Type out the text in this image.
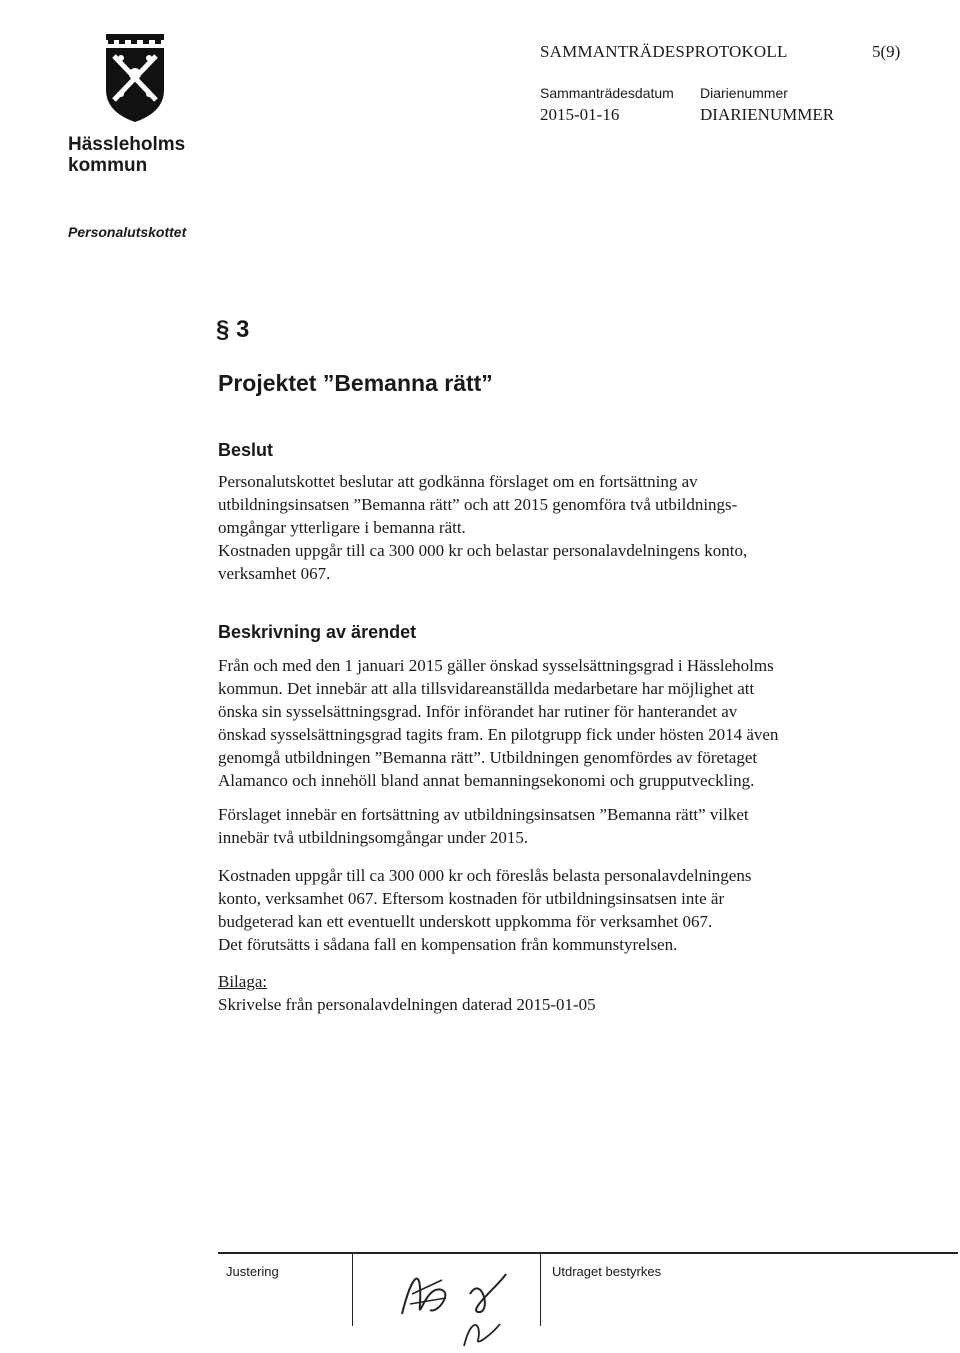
Hässleholms
kommun
SAMMANTRÄDESPROTOKOLL	5(9)
Sammanträdesdatum
2015-01-16
Diarienummer
DIARIENUMMER
Personalutskottet
§ 3
Projektet ”Bemanna rätt”
Beslut

Personalutskottet beslutar att godkänna förslaget om en fortsättning av

utbildningsinsatsen ”Bemanna rätt” och att 2015 genomföra två utbildnings-

omgångar ytterligare i bemanna rätt.

Kostnaden uppgår till ca 300 000 kr och belastar personalavdelningens konto,

verksamhet 067.

Beskrivning av ärendet

Från och med den 1 januari 2015 gäller önskad sysselsättningsgrad i Hässleholms

kommun. Det innebär att alla tillsvidareanställda medarbetare har möjlighet att

önska sin sysselsättningsgrad. Inför införandet har rutiner för hanterandet av

önskad sysselsättningsgrad tagits fram. En pilotgrupp fick under hösten 2014 även

genomgå utbildningen ”Bemanna rätt”. Utbildningen genomfördes av företaget

Alamanco och innehöll bland annat bemanningsekonomi och grupputveckling.

Förslaget innebär en fortsättning av utbildningsinsatsen ”Bemanna rätt” vilket

innebär två utbildningsomgångar under 2015.

Kostnaden uppgår till ca 300 000 kr och föreslås belasta personalavdelningens

konto, verksamhet 067. Eftersom kostnaden för utbildningsinsatsen inte är

budgeterad kan ett eventuellt underskott uppkomma för verksamhet 067.

Det förutsätts i sådana fall en kompensation från kommunstyrelsen.

Bilaga:

Skrivelse från personalavdelningen daterad 2015-01-05

Justering	Utdraget bestyrkes
